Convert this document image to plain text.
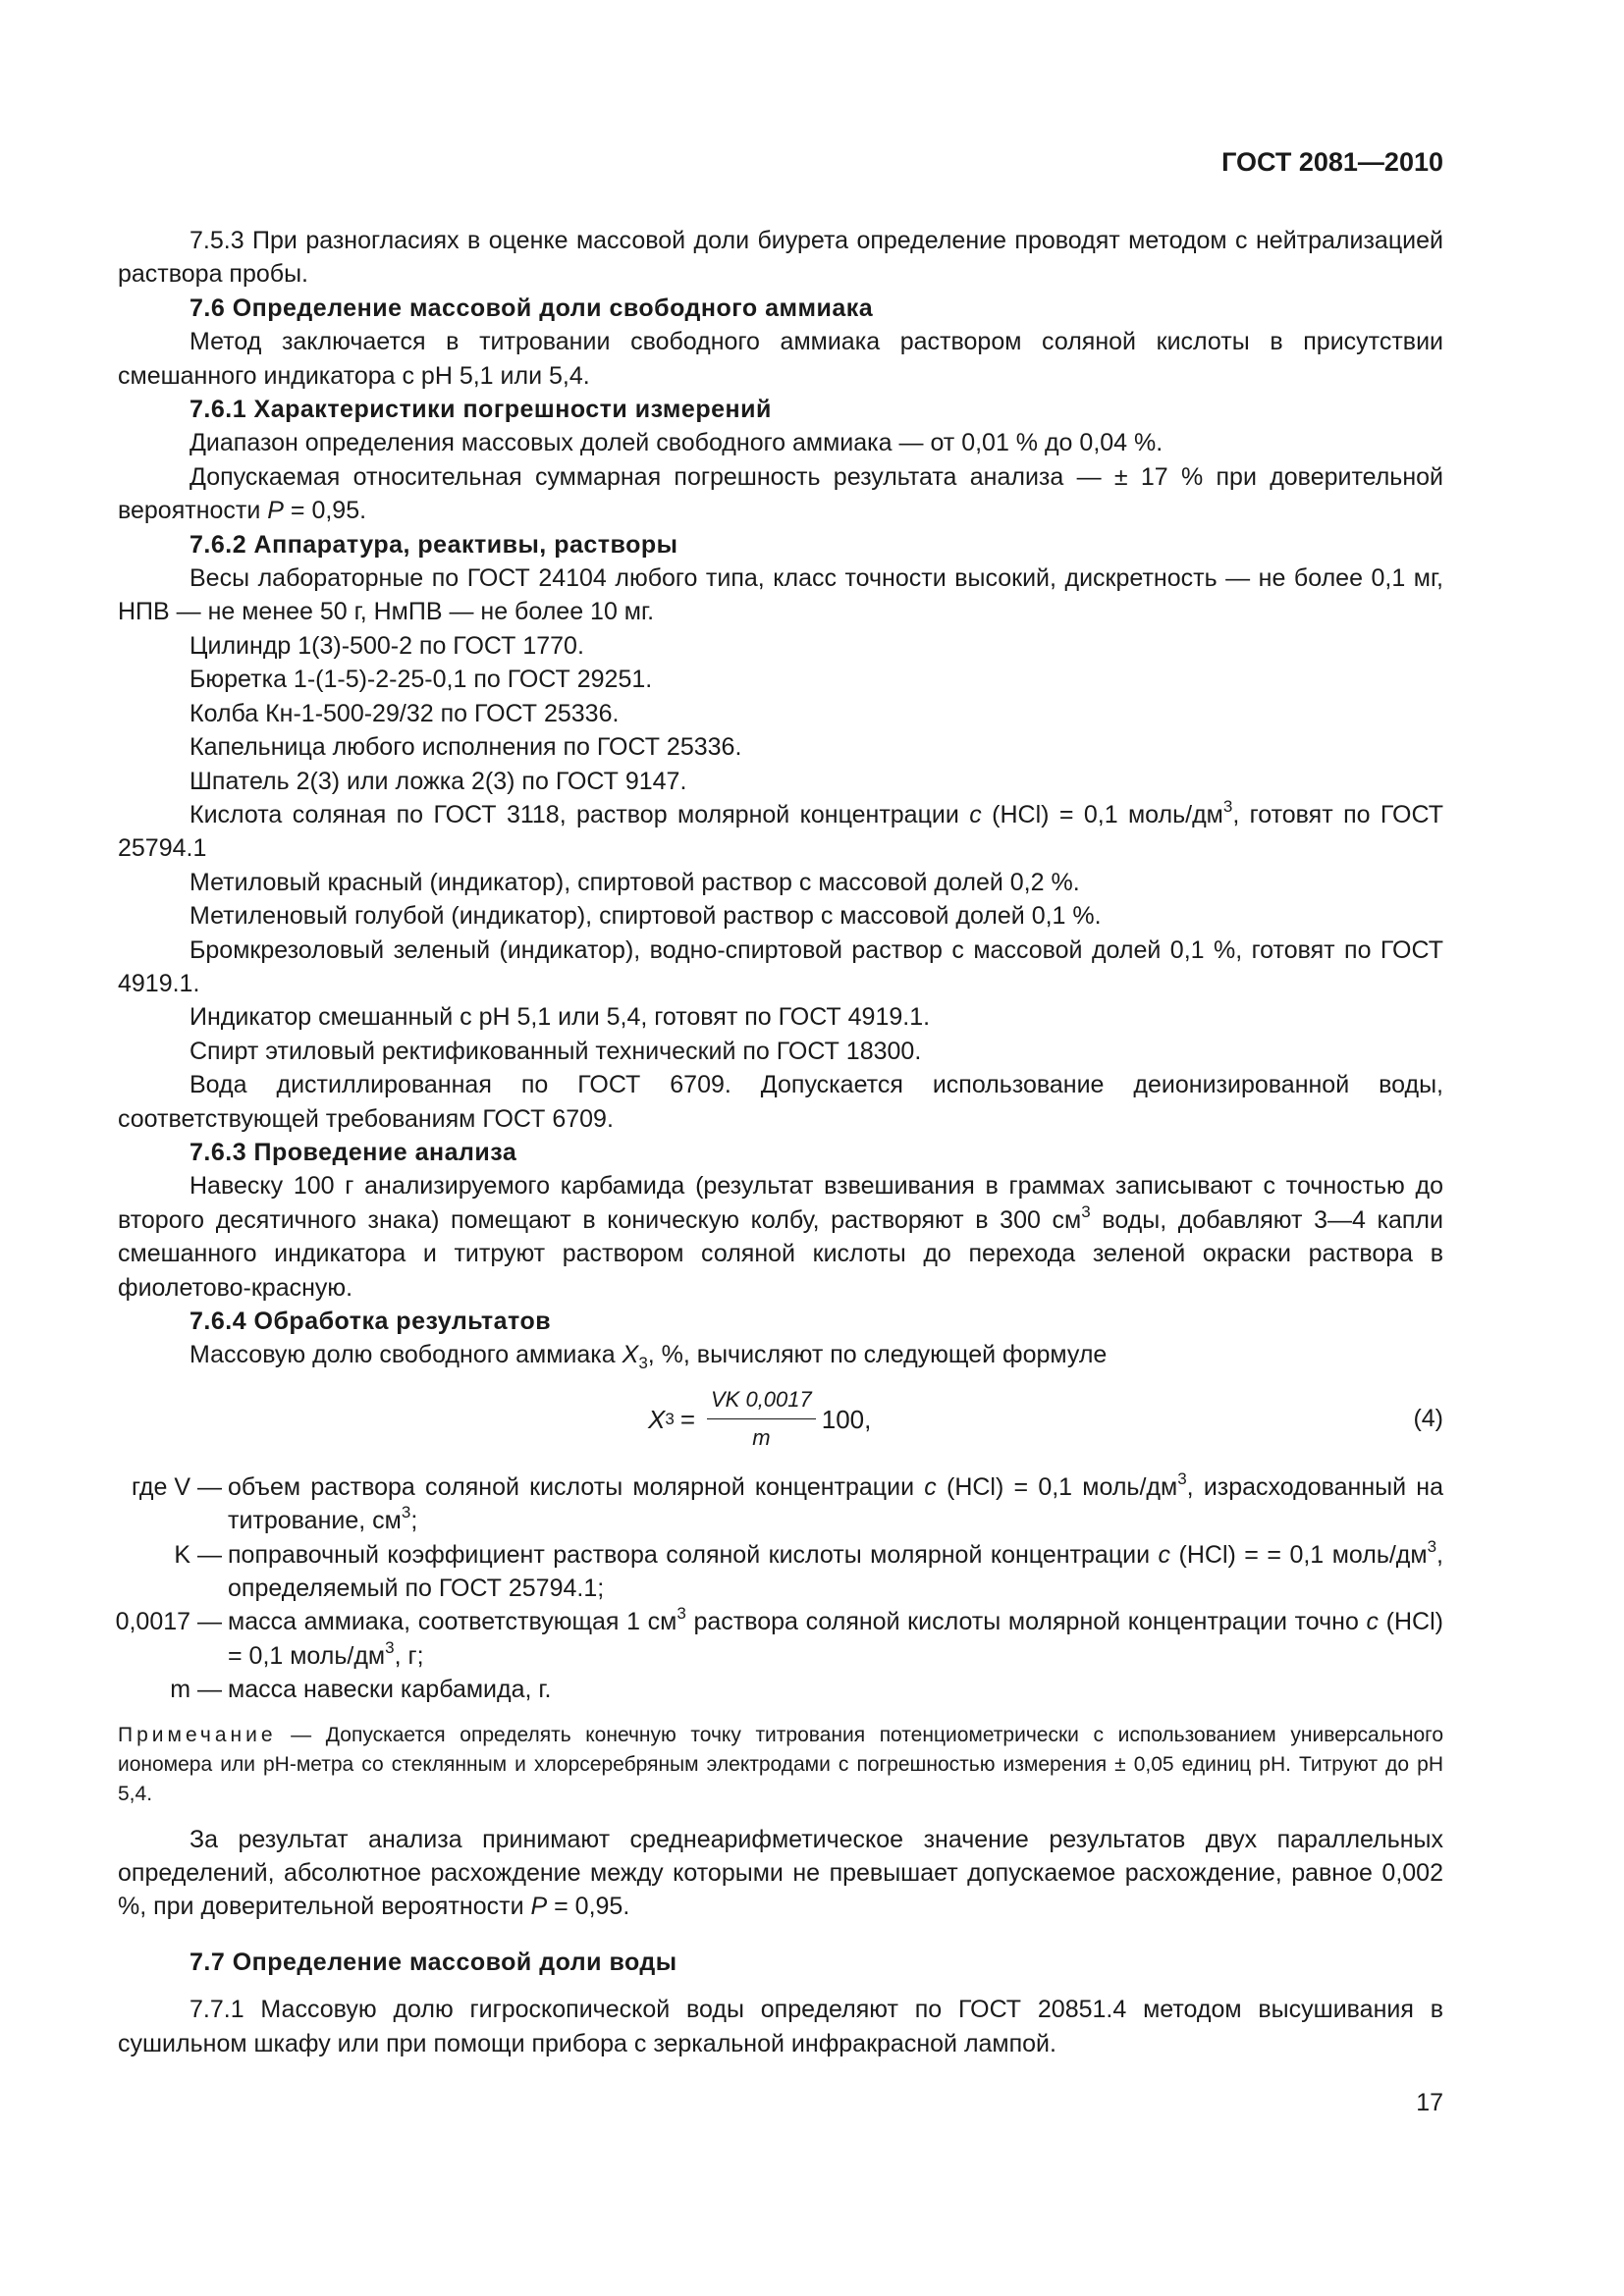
ГОСТ 2081—2010

7.5.3 При разногласиях в оценке массовой доли биурета определение проводят методом с нейтрализацией раствора пробы.

7.6 Определение массовой доли свободного аммиака

Метод заключается в титровании свободного аммиака раствором соляной кислоты в присутствии смешанного индикатора с pH 5,1 или 5,4.

7.6.1 Характеристики погрешности измерений

Диапазон определения массовых долей свободного аммиака — от 0,01 % до 0,04 %.

Допускаемая относительная суммарная погрешность результата анализа — ± 17 % при доверительной вероятности P = 0,95.

7.6.2 Аппаратура, реактивы, растворы

Весы лабораторные по ГОСТ 24104 любого типа, класс точности высокий, дискретность — не более 0,1 мг, НПВ — не менее 50 г, НмПВ — не более 10 мг.

Цилиндр 1(3)-500-2 по ГОСТ 1770.

Бюретка 1-(1-5)-2-25-0,1 по ГОСТ 29251.

Колба Кн-1-500-29/32 по ГОСТ 25336.

Капельница любого исполнения по ГОСТ 25336.

Шпатель 2(3) или ложка 2(3) по ГОСТ 9147.

Кислота соляная по ГОСТ 3118, раствор молярной концентрации c (HCl) = 0,1 моль/$дм^3$, готовят по ГОСТ 25794.1

Метиловый красный (индикатор), спиртовой раствор с массовой долей 0,2 %.

Метиленовый голубой (индикатор), спиртовой раствор с массовой долей 0,1 %.

Бромкрезоловый зеленый (индикатор), водно-спиртовой раствор с массовой долей 0,1 %, готовят по ГОСТ 4919.1.

Индикатор смешанный с pH 5,1 или 5,4, готовят по ГОСТ 4919.1.

Спирт этиловый ректификованный технический по ГОСТ 18300.

Вода дистиллированная по ГОСТ 6709. Допускается использование деионизированной воды, соответствующей требованиям ГОСТ 6709.

7.6.3 Проведение анализа

Навеску 100 г анализируемого карбамида (результат взвешивания в граммах записывают с точностью до второго десятичного знака) помещают в коническую колбу, растворяют в 300 $см^3$ воды, добавляют 3—4 капли смешанного индикатора и титруют раствором соляной кислоты до перехода зеленой окраски раствора в фиолетово-красную.

7.6.4 Обработка результатов

Массовую долю свободного аммиака $X_3$, %, вычисляют по следующей формуле

X $3 = \frac{VK 0,0017}{m} 100$,	(4)
где V — объем раствора соляной кислоты молярной концентрации c (HCl) = 0,1 моль/$дм^3$, израсходованный на титрование, $см^3$;
K — поправочный коэффициент раствора соляной кислоты молярной концентрации c (HCl) = = 0,1 моль/$дм^3$, определяемый по ГОСТ 25794.1;
0,0017 — масса аммиака, соответствующая 1 $см^3$ раствора соляной кислоты молярной концентрации точно c (HCl) = 0,1 моль/$дм^3$, г;
m — масса навески карбамида, г.

Примечание — Допускается определять конечную точку титрования потенциометрически с использованием универсального иономера или pH-метра со стеклянным и хлорсеребряным электродами с погрешностью измерения ± 0,05 единиц pH. Титруют до pH 5,4.

За результат анализа принимают среднеарифметическое значение результатов двух параллельных определений, абсолютное расхождение между которыми не превышает допускаемое расхождение, равное 0,002 %, при доверительной вероятности P = 0,95.

7.7 Определение массовой доли воды

7.7.1 Массовую долю гигроскопической воды определяют по ГОСТ 20851.4 методом высушивания в сушильном шкафу или при помощи прибора с зеркальной инфракрасной лампой.

17
